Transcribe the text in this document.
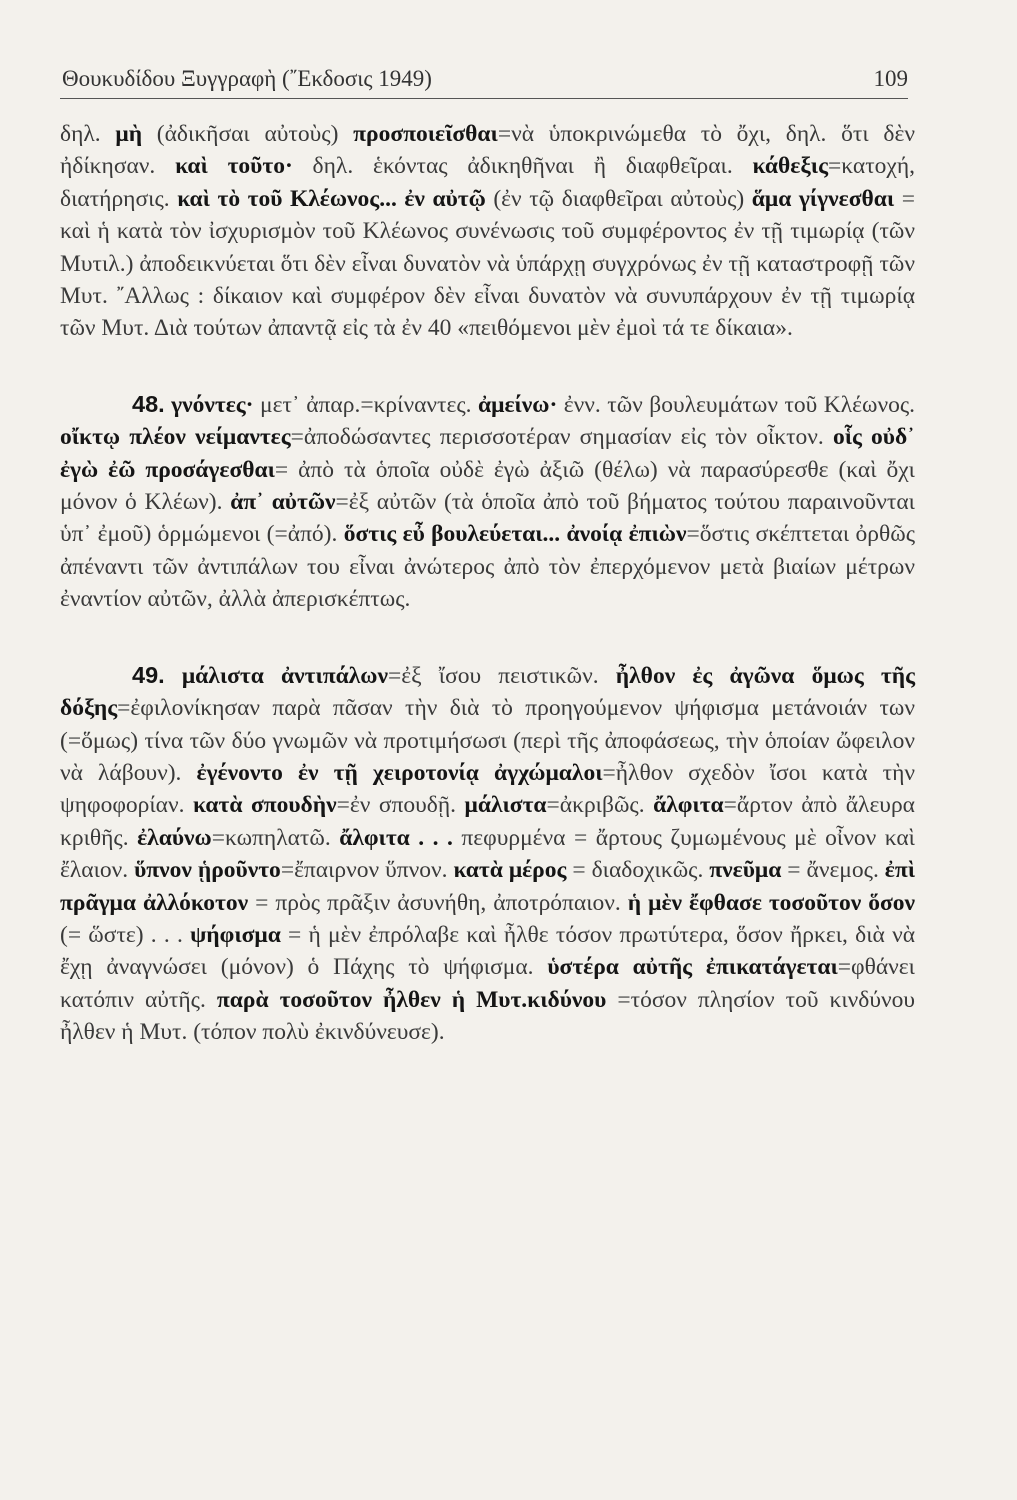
Θουκυδίδου Ξυγγραφὴ (῎Εκδοσις 1949)	109

δηλ. μὴ (ἀδικῆσαι αὐτοὺς) προσποιεῖσθαι=νὰ ὑποκρινώμεθα τὸ ὄχι, δηλ. ὅτι δὲν ἠδίκησαν. καὶ τοῦτο· δηλ. ἑκόντας ἀδικηθῆναι ἢ διαφθεῖραι. κάθεξις=κατοχή, διατήρησις. καὶ τὸ τοῦ Κλέωνος... ἐν αὐτῷ (ἐν τῷ διαφθεῖραι αὐτοὺς) ἅμα γίγνεσθαι = καὶ ἡ κατὰ τὸν ἰσχυρισμὸν τοῦ Κλέωνος συνένωσις τοῦ συμφέροντος ἐν τῇ τιμωρίᾳ (τῶν Μυτιλ.) ἀποδεικνύεται ὅτι δὲν εἶναι δυνατὸν νὰ ὑπάρχῃ συγχρόνως ἐν τῇ καταστροφῇ τῶν Μυτ. ῎Αλλως : δίκαιον καὶ συμφέρον δὲν εἶναι δυνατὸν νὰ συνυπάρχουν ἐν τῇ τιμωρίᾳ τῶν Μυτ. Διὰ τούτων ἀπαντᾷ εἰς τὰ ἐν 40 «πειθόμενοι μὲν ἐμοὶ τά τε δίκαια».

48. γνόντες· μετ᾽ ἀπαρ.=κρίναντες. ἀμείνω· ἐνν. τῶν βουλευμάτων τοῦ Κλέωνος. οἴκτῳ πλέον νείμαντες=ἀποδώσαντες περισσοτέραν σημασίαν εἰς τὸν οἶκτον. οἷς οὐδ᾽ ἐγὼ ἐῶ προσάγεσθαι= ἀπὸ τὰ ὁποῖα οὐδὲ ἐγὼ ἀξιῶ (θέλω) νὰ παρασύρεσθε (καὶ ὄχι μόνον ὁ Κλέων). ἀπ᾽ αὐτῶν=ἐξ αὐτῶν (τὰ ὁποῖα ἀπὸ τοῦ βήματος τούτου παραινοῦνται ὑπ᾽ ἐμοῦ) ὁρμώμενοι (=ἀπό). ὅστις εὖ βουλεύεται... ἀνοίᾳ ἐπιὼν=ὅστις σκέπτεται ὀρθῶς ἀπέναντι τῶν ἀντιπάλων του εἶναι ἀνώτερος ἀπὸ τὸν ἐπερχόμενον μετὰ βιαίων μέτρων ἐναντίον αὐτῶν, ἀλλὰ ἀπερισκέπτως.

49. μάλιστα ἀντιπάλων=ἐξ ἴσου πειστικῶν. ἦλθον ἐς ἀγῶνα ὅμως τῆς δόξης=ἐφιλονίκησαν παρὰ πᾶσαν τὴν διὰ τὸ προηγούμενον ψήφισμα μετάνοιάν των (=ὅμως) τίνα τῶν δύο γνωμῶν νὰ προτιμήσωσι (περὶ τῆς ἀποφάσεως, τὴν ὁποίαν ὤφειλον νὰ λάβουν). ἐγένοντο ἐν τῇ χειροτονίᾳ ἀγχώμαλοι=ἦλθον σχεδὸν ἴσοι κατὰ τὴν ψηφοφορίαν. κατὰ σπουδὴν=ἐν σπουδῇ. μάλιστα=ἀκριβῶς. ἄλφιτα=ἄρτον ἀπὸ ἄλευρα κριθῆς. ἐλαύνω=κωπηλατῶ. ἄλφιτα . . . πεφυρμένα = ἄρτους ζυμωμένους μὲ οἶνον καὶ ἔλαιον. ὕπνον ᾑροῦντο=ἔπαιρνον ὕπνον. κατὰ μέρος = διαδοχικῶς. πνεῦμα = ἄνεμος. ἐπὶ πρᾶγμα ἀλλόκοτον = πρὸς πρᾶξιν ἀσυνήθη, ἀποτρόπαιον. ἡ μὲν ἔφθασε τοσοῦτον ὅσον (= ὥστε) . . . ψήφισμα = ἡ μὲν ἐπρόλαβε καὶ ἦλθε τόσον πρωτύτερα, ὅσον ἤρκει, διὰ νὰ ἔχῃ ἀναγνώσει (μόνον) ὁ Πάχης τὸ ψήφισμα. ὑστέρα αὐτῆς ἐπικατάγεται=φθάνει κατόπιν αὐτῆς. παρὰ τοσοῦτον ἦλθεν ἡ Μυτ.κιδύνου =τόσον πλησίον τοῦ κινδύνου ἦλθεν ἡ Μυτ. (τόπον πολὺ ἐκινδύνευσε).
